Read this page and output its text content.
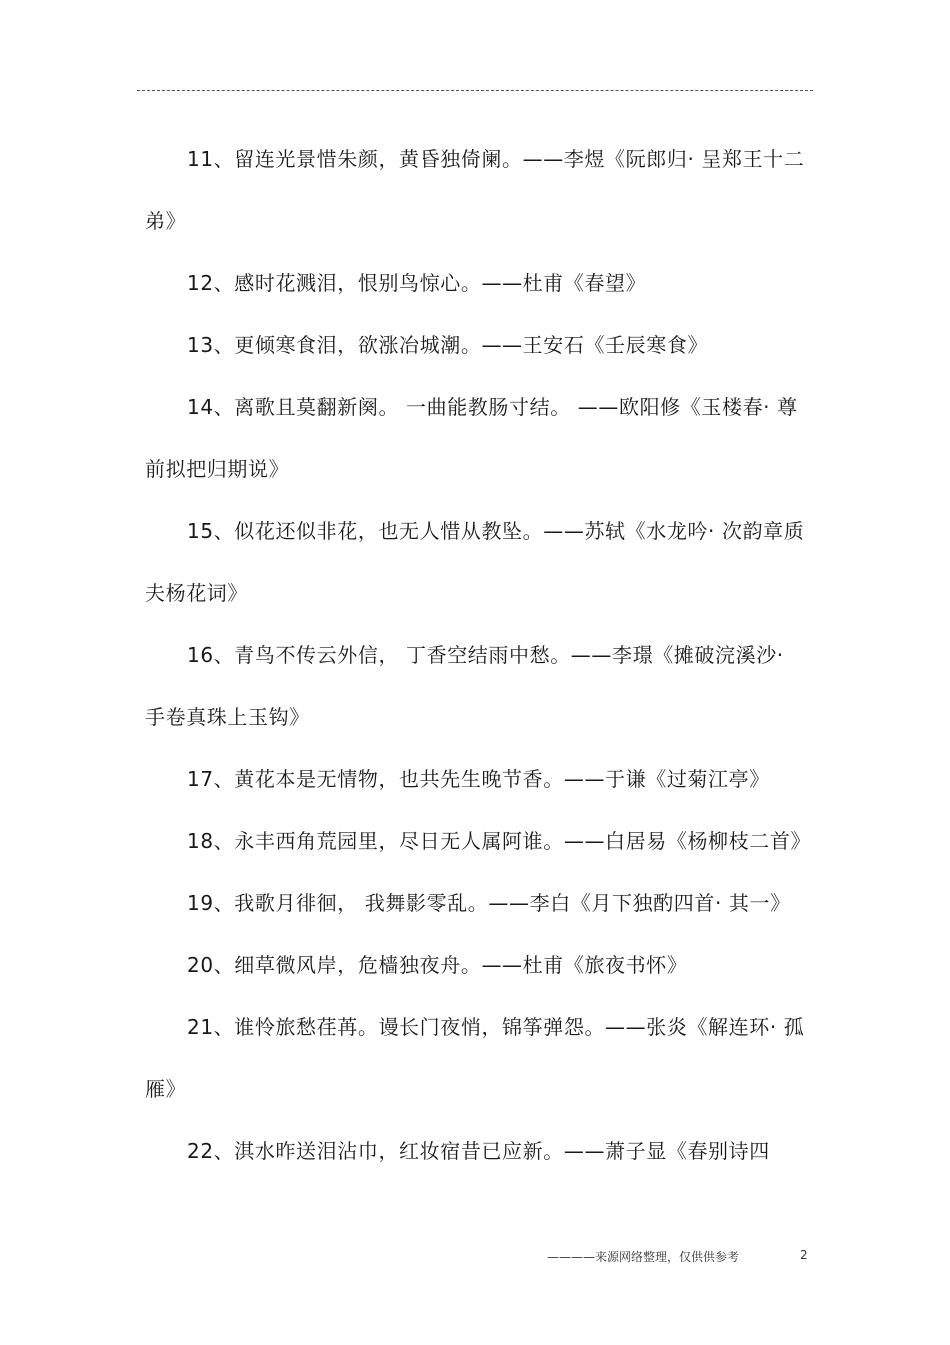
11、留连光景惜朱颜，黄昏独倚阑。——李煜《阮郎归· 呈郑王十二弟》

12、感时花溅泪，恨别鸟惊心。——杜甫《春望》

13、更倾寒食泪，欲涨冶城潮。——王安石《壬辰寒食》

14、离歌且莫翻新阕。 一曲能教肠寸结。 ——欧阳修《玉楼春· 尊前拟把归期说》

15、似花还似非花，也无人惜从教坠。——苏轼《水龙吟· 次韵章质夫杨花词》

16、青鸟不传云外信， 丁香空结雨中愁。——李璟《摊破浣溪沙· 手卷真珠上玉钩》

17、黄花本是无情物，也共先生晚节香。——于谦《过菊江亭》

18、永丰西角荒园里，尽日无人属阿谁。——白居易《杨柳枝二首》

19、我歌月徘徊， 我舞影零乱。——李白《月下独酌四首· 其一》

20、细草微风岸，危樯独夜舟。——杜甫《旅夜书怀》

21、谁怜旅愁荏苒。谩长门夜悄，锦筝弹怨。——张炎《解连环· 孤雁》

22、淇水昨送泪沾巾，红妆宿昔已应新。——萧子显《春别诗四

————来源网络整理，仅供供参考	2
